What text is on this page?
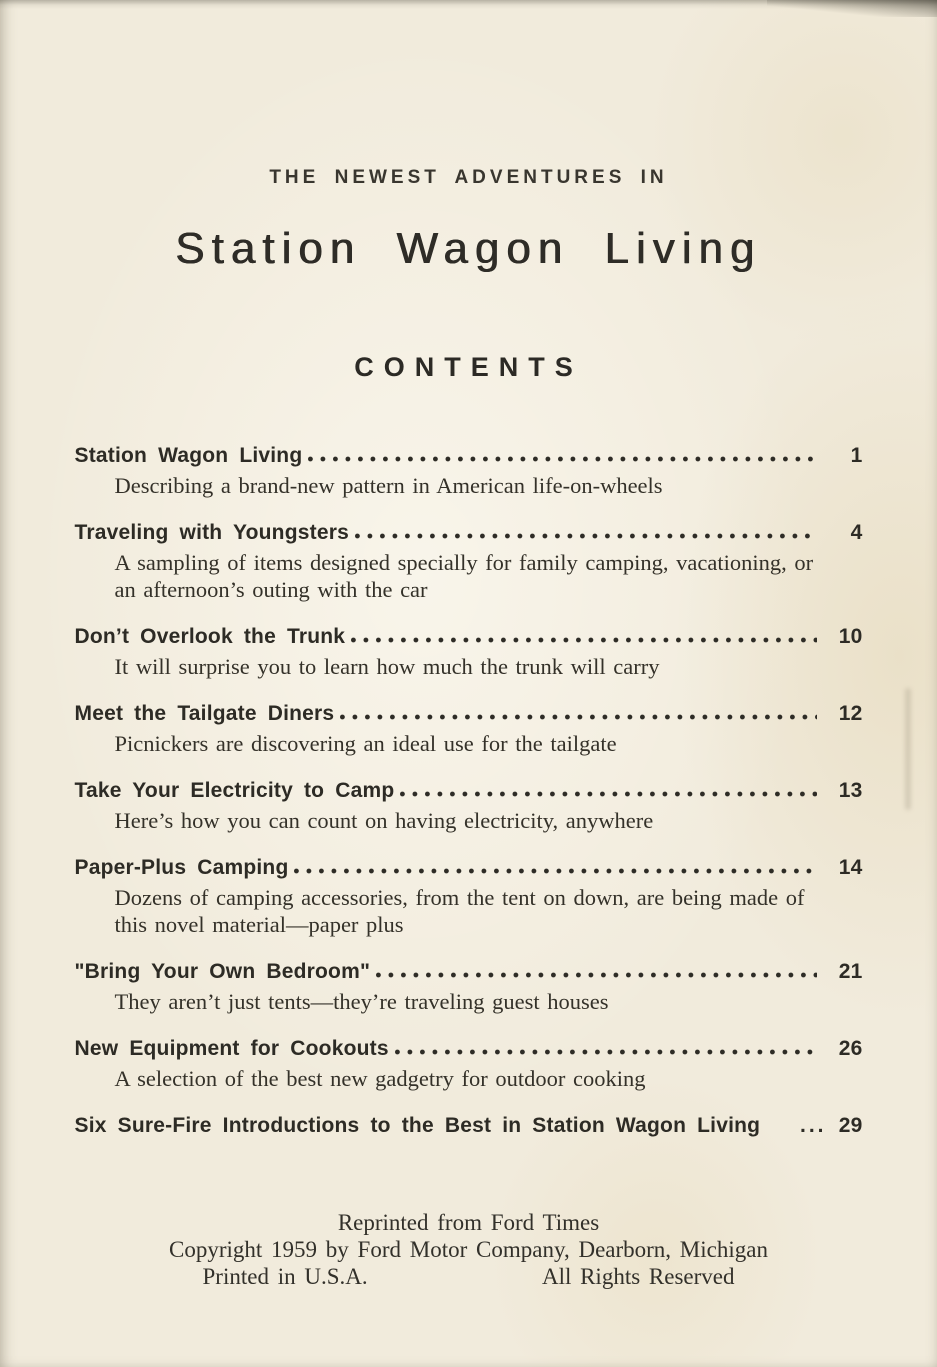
THE NEWEST ADVENTURES IN
Station Wagon Living
CONTENTS
Station Wagon Living	1
Describing a brand-new pattern in American life-on-wheels
Traveling with Youngsters	4
A sampling of items designed specially for family camping, vacationing, or an afternoon’s outing with the car
Don’t Overlook the Trunk	10
It will surprise you to learn how much the trunk will carry
Meet the Tailgate Diners	12
Picnickers are discovering an ideal use for the tailgate
Take Your Electricity to Camp	13
Here’s how you can count on having electricity, anywhere
Paper-Plus Camping	14
Dozens of camping accessories, from the tent on down, are being made of this novel material—paper plus
"Bring Your Own Bedroom"	21
They aren’t just tents—they’re traveling guest houses
New Equipment for Cookouts	26
A selection of the best new gadgetry for outdoor cooking
Six Sure-Fire Introductions to the Best in Station Wagon Living ... 29
Reprinted from Ford Times
Copyright 1959 by Ford Motor Company, Dearborn, Michigan
Printed in U.S.A.	All Rights Reserved
